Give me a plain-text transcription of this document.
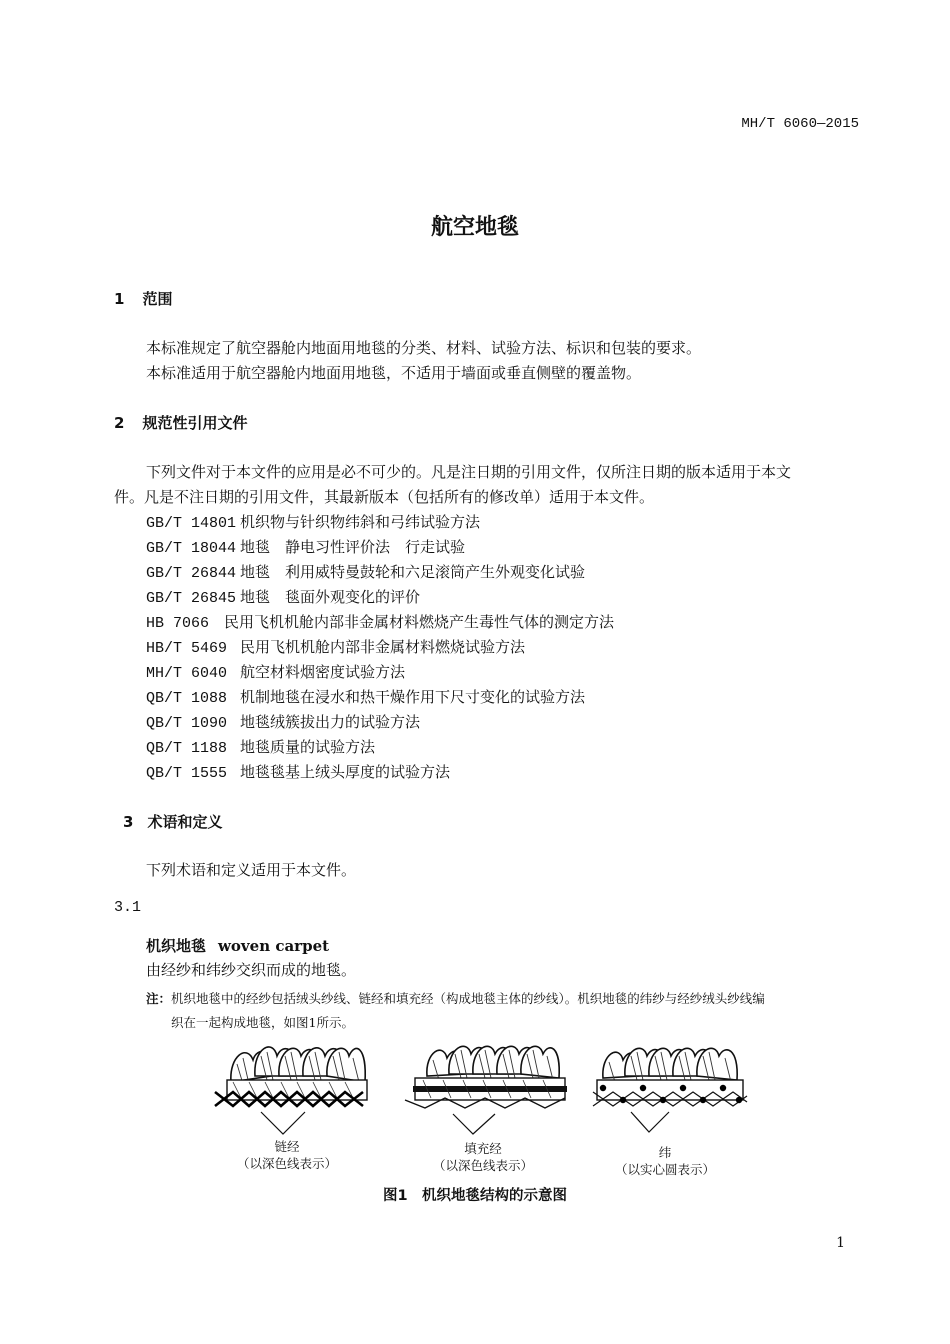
MH/T 6060—2015
航空地毯
1 范围
本标准规定了航空器舱内地面用地毯的分类、材料、试验方法、标识和包装的要求。
本标准适用于航空器舱内地面用地毯，不适用于墙面或垂直侧壁的覆盖物。
2 规范性引用文件
下列文件对于本文件的应用是必不可少的。凡是注日期的引用文件，仅所注日期的版本适用于本文
件。凡是不注日期的引用文件，其最新版本（包括所有的修改单）适用于本文件。
GB/T 14801 机织物与针织物纬斜和弓纬试验方法
GB/T 18044 地毯　静电习性评价法　行走试验
GB/T 26844 地毯　利用威特曼鼓轮和六足滚筒产生外观变化试验
GB/T 26845 地毯　毯面外观变化的评价
HB 7066 民用飞机机舱内部非金属材料燃烧产生毒性气体的测定方法
HB/T 5469 民用飞机机舱内部非金属材料燃烧试验方法
MH/T 6040 航空材料烟密度试验方法
QB/T 1088 机制地毯在浸水和热干燥作用下尺寸变化的试验方法
QB/T 1090 地毯绒簇拔出力的试验方法
QB/T 1188 地毯质量的试验方法
QB/T 1555 地毯毯基上绒头厚度的试验方法
3 术语和定义
下列术语和定义适用于本文件。
3.1
机织地毯 woven carpet
由经纱和纬纱交织而成的地毯。
注：机织地毯中的经纱包括绒头纱线、链经和填充经（构成地毯主体的纱线）。机织地毯的纬纱与经纱绒头纱线编
织在一起构成地毯，如图1所示。
链经
（以深色线表示）
填充经
（以深色线表示）
纬
（以实心圆表示）
图1　机织地毯结构的示意图
1
